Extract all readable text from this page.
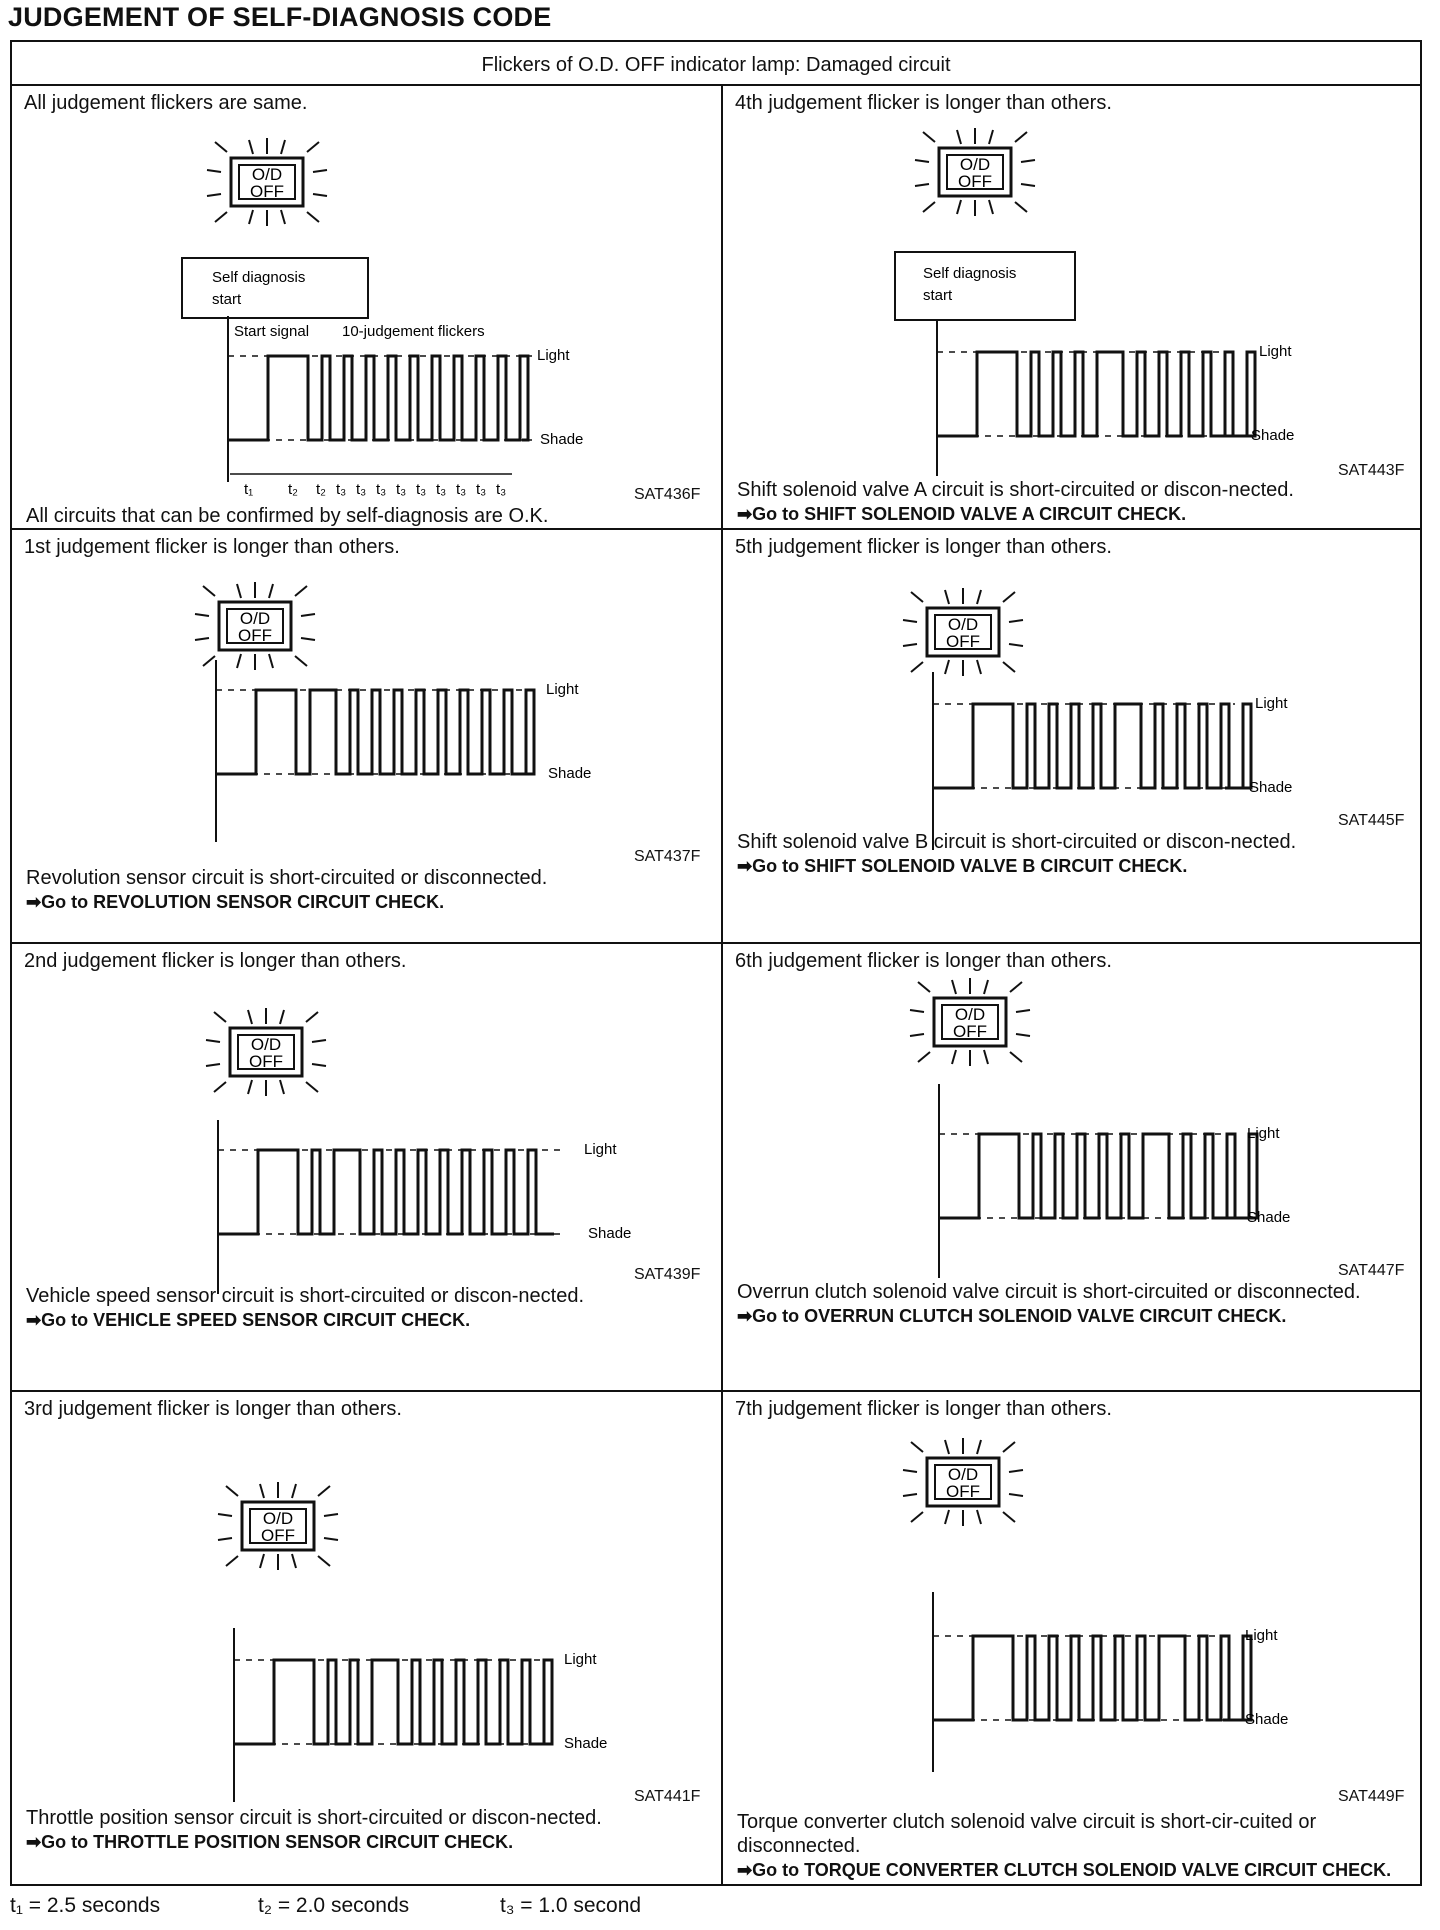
JUDGEMENT OF SELF-DIAGNOSIS CODE
Flickers of O.D. OFF indicator lamp: Damaged circuit
All judgement flickers are same.
O/D
OFF
Self diagnosis
start
Start signal 10-judgement flickers
Light
Shade
t₁ t₂ t₂ t₃ t₃ t₃ t₃ t₃ t₃ t₃ t₃ t₃	SAT436F
All circuits that can be confirmed by self-diagnosis are O.K.
4th judgement flicker is longer than others.
O/D
OFF
Self diagnosis
start
Light
Shade
SAT443F
Shift solenoid valve A circuit is short-circuited or discon-nected.
➡Go to SHIFT SOLENOID VALVE A CIRCUIT CHECK.
1st judgement flicker is longer than others.
O/D
OFF
Light
Shade
SAT437F
Revolution sensor circuit is short-circuited or disconnected.
➡Go to REVOLUTION SENSOR CIRCUIT CHECK.
5th judgement flicker is longer than others.
O/D
OFF
Light
Shade
SAT445F
Shift solenoid valve B circuit is short-circuited or discon-nected.
➡Go to SHIFT SOLENOID VALVE B CIRCUIT CHECK.
2nd judgement flicker is longer than others.
O/D
OFF
Light
Shade
SAT439F
Vehicle speed sensor circuit is short-circuited or discon-nected.
➡Go to VEHICLE SPEED SENSOR CIRCUIT CHECK.
6th judgement flicker is longer than others.
O/D
OFF
Light
Shade
SAT447F
Overrun clutch solenoid valve circuit is short-circuited or disconnected.
➡Go to OVERRUN CLUTCH SOLENOID VALVE CIRCUIT CHECK.
3rd judgement flicker is longer than others.
O/D
OFF
Light
Shade
SAT441F
Throttle position sensor circuit is short-circuited or discon-nected.
➡Go to THROTTLE POSITION SENSOR CIRCUIT CHECK.
7th judgement flicker is longer than others.
O/D
OFF
Light
Shade
SAT449F
Torque converter clutch solenoid valve circuit is short-cir-cuited or disconnected.
➡Go to TORQUE CONVERTER CLUTCH SOLENOID VALVE CIRCUIT CHECK.
t₁ = 2.5 seconds	t₂ = 2.0 seconds	t₃ = 1.0 second
